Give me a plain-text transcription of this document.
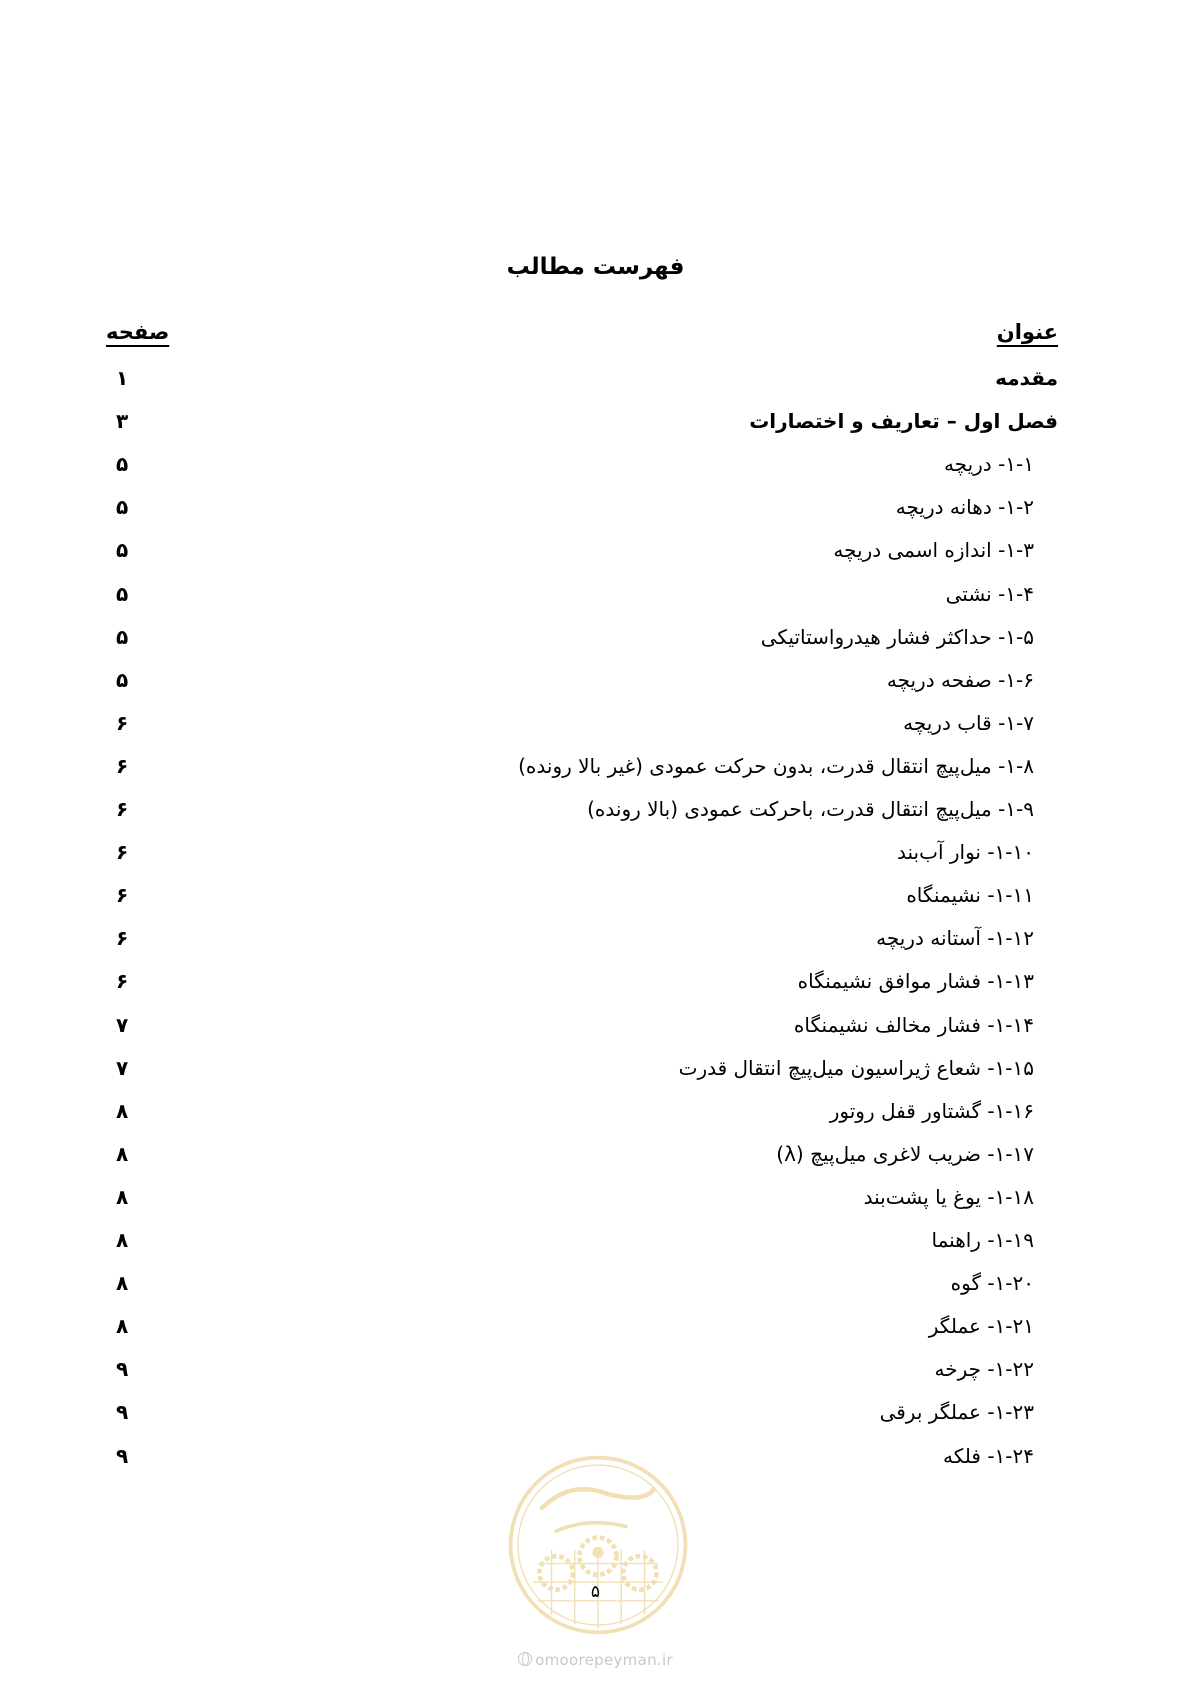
فهرست مطالب
عنوان
صفحه
مقدمه
۱
فصل اول – تعاریف و اختصارات
۳
۱-۱- دریچه
۵
۱-۲- دهانه دریچه
۵
۱-۳- اندازه اسمی دریچه
۵
۱-۴- نشتی
۵
۱-۵- حداکثر فشار هیدرواستاتیکی
۵
۱-۶- صفحه دریچه
۵
۱-۷- قاب دریچه
۶
۱-۸- میل‌پیچ انتقال قدرت، بدون حرکت عمودی (غیر بالا رونده)
۶
۱-۹- میل‌پیچ انتقال قدرت، باحرکت عمودی (بالا رونده)
۶
۱-۱۰- نوار آب‌بند
۶
۱-۱۱- نشیمنگاه
۶
۱-۱۲- آستانه دریچه
۶
۱-۱۳- فشار موافق نشیمنگاه
۶
۱-۱۴- فشار مخالف نشیمنگاه
۷
۱-۱۵- شعاع ژیراسیون میل‌پیچ انتقال قدرت
۷
۱-۱۶- گشتاور قفل روتور
۸
۱-۱۷- ضریب لاغری میل‌پیچ (λ)
۸
۱-۱۸- یوغ یا پشت‌بند
۸
۱-۱۹- راهنما
۸
۱-۲۰- گوه
۸
۱-۲۱- عملگر
۸
۱-۲۲- چرخه
۹
۱-۲۳- عملگر برقی
۹
۱-۲۴- فلکه
۹
۵
omoorepeyman.ir
